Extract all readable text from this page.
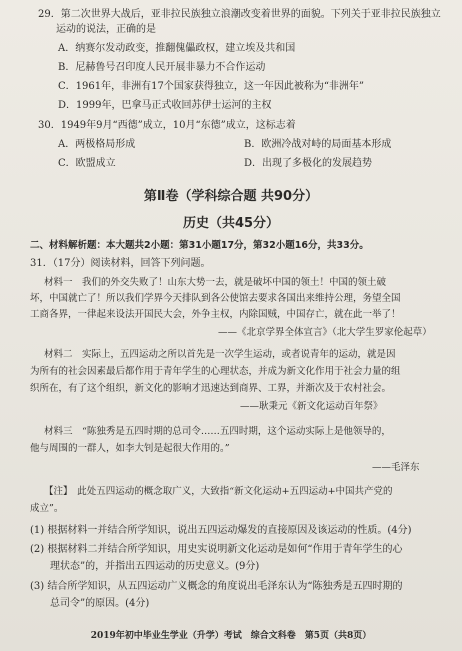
29．第二次世界大战后，亚非拉民族独立浪潮改变着世界的面貌。下列关于亚非拉民族独立
运动的说法，正确的是
A．纳赛尔发动政变，推翻傀儡政权，建立埃及共和国
B．尼赫鲁号召印度人民开展非暴力不合作运动
C．1961年，非洲有17个国家获得独立，这一年因此被称为“非洲年”
D．1999年，巴拿马正式收回苏伊士运河的主权
30．1949年9月“西德”成立，10月“东德”成立，这标志着
A．两极格局形成	B．欧洲冷战对峙的局面基本形成
C．欧盟成立	D．出现了多极化的发展趋势
第Ⅱ卷（学科综合题 共90分）
历史（共45分）
二、材料解析题：本大题共2小题：第31小题17分，第32小题16分，共33分。
31．（17分）阅读材料，回答下列问题。
材料一　我们的外交失败了！山东大势一去，就是破坏中国的领土！中国的领土破
坏，中国就亡了！所以我们学界今天排队到各公使馆去要求各国出来维持公理，务望全国
工商各界，一律起来设法开国民大会，外争主权，内除国贼，中国存亡，就在此一举了！
——《北京学界全体宣言》（北大学生罗家伦起草）
材料二　实际上，五四运动之所以首先是一次学生运动，或者说青年的运动，就是因
为所有的社会因素最后都作用于青年学生的心理状态，并成为新文化作用于社会力量的组
织所在，有了这个组织，新文化的影响才迅速达到商界、工界，并渐次及于农村社会。
——耿秉元《新文化运动百年祭》
材料三　“陈独秀是五四时期的总司令……五四时期，这个运动实际上是他领导的，
他与周围的一群人，如李大钊是起很大作用的。”
——毛泽东
【注】　此处五四运动的概念取广义，大致指“新文化运动+五四运动+中国共产党的
成立”。
(1) 根据材料一并结合所学知识，说出五四运动爆发的直接原因及该运动的性质。(4分)
(2) 根据材料二并结合所学知识，用史实说明新文化运动是如何“作用于青年学生的心
理状态”的，并指出五四运动的历史意义。(9分)
(3) 结合所学知识，从五四运动广义概念的角度说出毛泽东认为“陈独秀是五四时期的
总司令”的原因。(4分)
2019年初中毕业生学业（升学）考试　综合文科卷　第5页（共8页）
